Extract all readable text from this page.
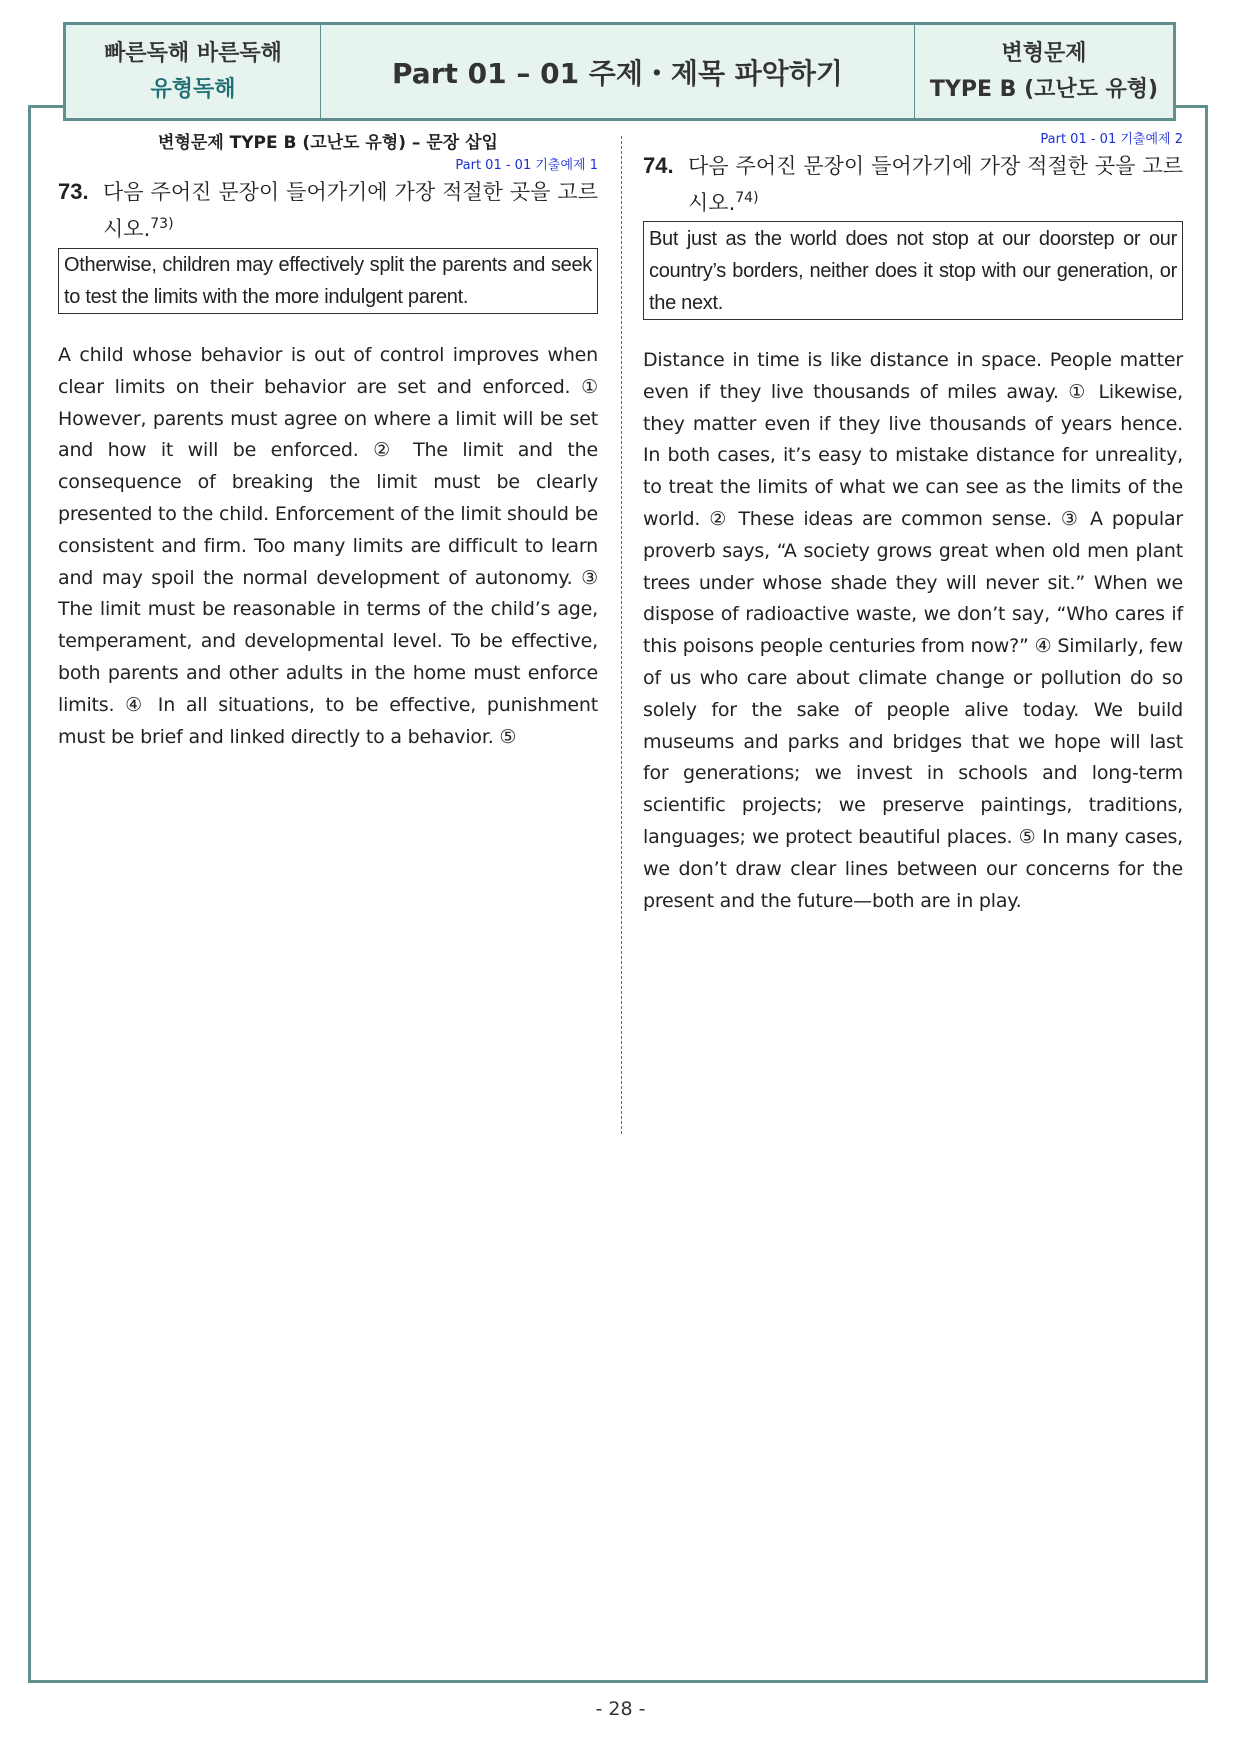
빠른독해 바른독해
유형독해	Part 01 – 01 주제・제목 파악하기
변형문제
TYPE B (고난도 유형)
변형문제 TYPE B (고난도 유형) – 문장 삽입
Part 01 - 01 기출예제 1
73. 다음 주어진 문장이 들어가기에 가장 적절한 곳을 고르시오.$^{73)}$
Otherwise, children may effectively split the parents and seek to test the limits with the more indulgent parent.
A child whose behavior is out of control improves when clear limits on their behavior are set and enforced. ① However, parents must agree on where a limit will be set and how it will be enforced. ② The limit and the consequence of breaking the limit must be clearly presented to the child. Enforcement of the limit should be consistent and firm. Too many limits are difficult to learn and may spoil the normal development of autonomy. ③ The limit must be reasonable in terms of the child’s age, temperament, and developmental level. To be effective, both parents and other adults in the home must enforce limits. ④ In all situations, to be effective, punishment must be brief and linked directly to a behavior. ⑤
Part 01 - 01 기출예제 2
74. 다음 주어진 문장이 들어가기에 가장 적절한 곳을 고르시오.$^{74)}$
But just as the world does not stop at our doorstep or our country’s borders, neither does it stop with our generation, or the next.
Distance in time is like distance in space. People matter even if they live thousands of miles away. ① Likewise, they matter even if they live thousands of years hence. In both cases, it’s easy to mistake distance for unreality, to treat the limits of what we can see as the limits of the world. ② These ideas are common sense. ③ A popular proverb says, “A society grows great when old men plant trees under whose shade they will never sit.” When we dispose of radioactive waste, we don’t say, “Who cares if this poisons people centuries from now?” ④ Similarly, few of us who care about climate change or pollution do so solely for the sake of people alive today. We build museums and parks and bridges that we hope will last for generations; we invest in schools and long-term scientific projects; we preserve paintings, traditions, languages; we protect beautiful places. ⑤ In many cases, we don’t draw clear lines between our concerns for the present and the future—both are in play.
- 28 -
